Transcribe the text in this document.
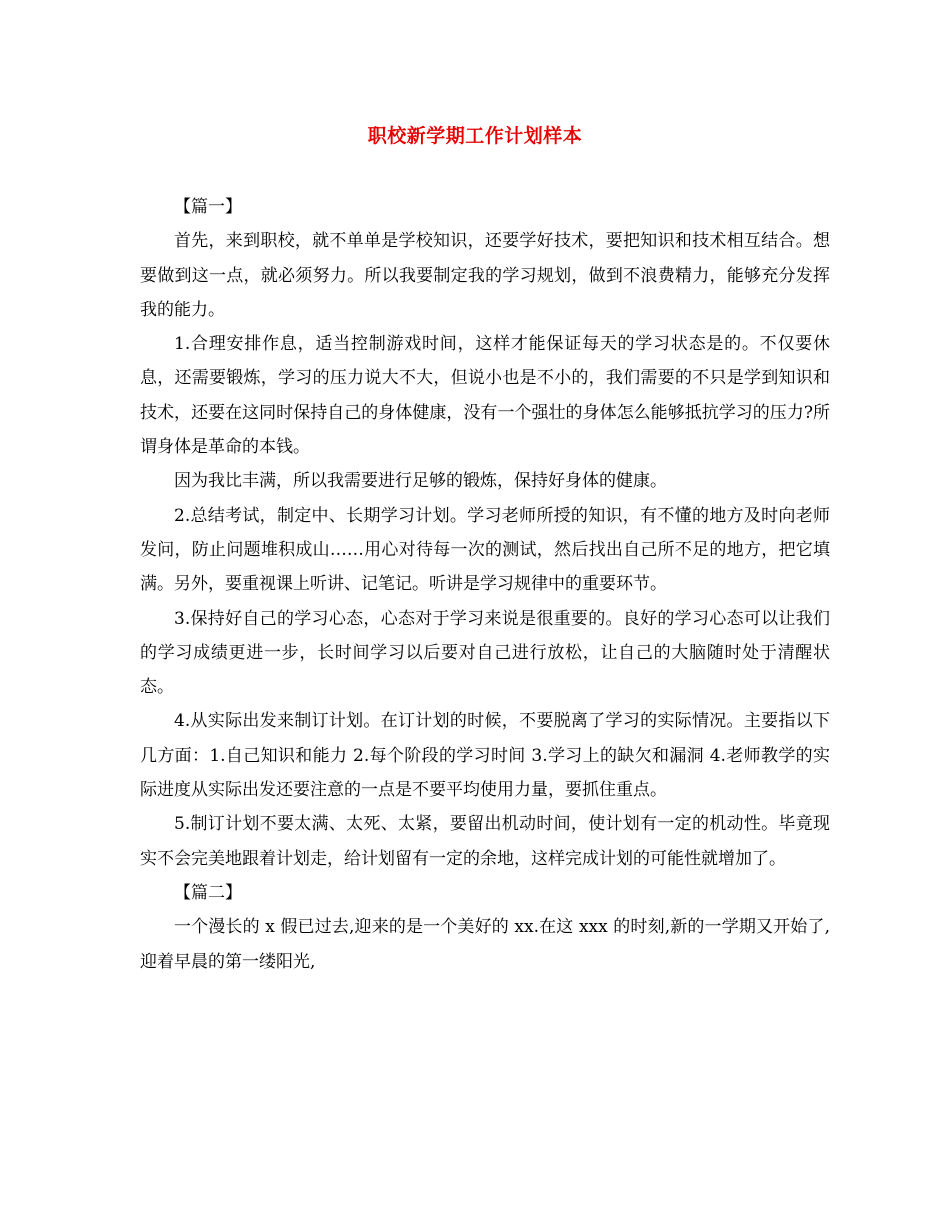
职校新学期工作计划样本

【篇一】

首先，来到职校，就不单单是学校知识，还要学好技术，要把知识和技术相互结合。想要做到这一点，就必须努力。所以我要制定我的学习规划，做到不浪费精力，能够充分发挥我的能力。

1.合理安排作息，适当控制游戏时间，这样才能保证每天的学习状态是的。不仅要休息，还需要锻炼，学习的压力说大不大，但说小也是不小的，我们需要的不只是学到知识和技术，还要在这同时保持自己的身体健康，没有一个强壮的身体怎么能够抵抗学习的压力?所谓身体是革命的本钱。

因为我比丰满，所以我需要进行足够的锻炼，保持好身体的健康。

2.总结考试，制定中、长期学习计划。学习老师所授的知识，有不懂的地方及时向老师发问，防止问题堆积成山……用心对待每一次的测试，然后找出自己所不足的地方，把它填满。另外，要重视课上听讲、记笔记。听讲是学习规律中的重要环节。

3.保持好自己的学习心态，心态对于学习来说是很重要的。良好的学习心态可以让我们的学习成绩更进一步，长时间学习以后要对自己进行放松，让自己的大脑随时处于清醒状态。

4.从实际出发来制订计划。在订计划的时候，不要脱离了学习的实际情况。主要指以下几方面：1.自己知识和能力 2.每个阶段的学习时间 3.学习上的缺欠和漏洞 4.老师教学的实际进度从实际出发还要注意的一点是不要平均使用力量，要抓住重点。

5.制订计划不要太满、太死、太紧，要留出机动时间，使计划有一定的机动性。毕竟现实不会完美地跟着计划走，给计划留有一定的余地，这样完成计划的可能性就增加了。

【篇二】

一个漫长的 x 假已过去,迎来的是一个美好的 xx.在这 xxx 的时刻,新的一学期又开始了,迎着早晨的第一缕阳光,
